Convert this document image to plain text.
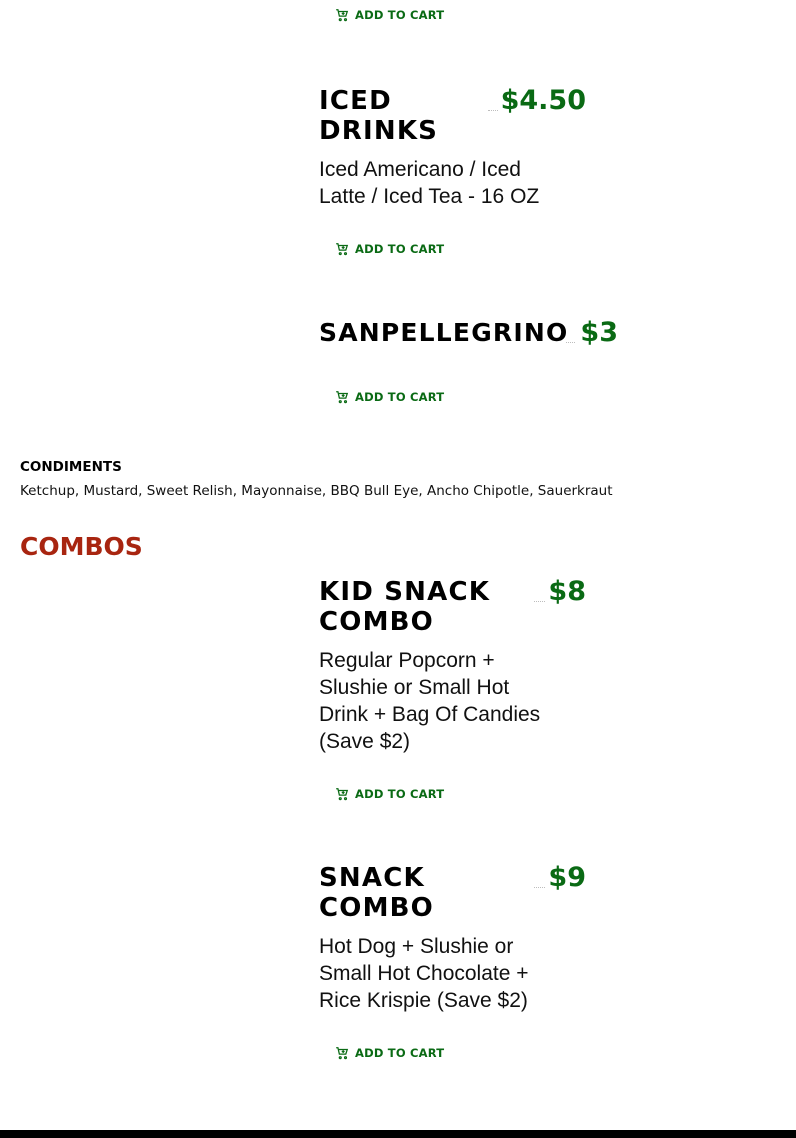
ADD TO CART
ICED
DRINKS
$4.50
Iced Americano / Iced
Latte / Iced Tea - 16 OZ
ADD TO CART
SANPELLEGRINO $3
ADD TO CART
CONDIMENTS
Ketchup, Mustard, Sweet Relish, Mayonnaise, BBQ Bull Eye, Ancho Chipotle, Sauerkraut
COMBOS
KID SNACK
COMBO
$8
Regular Popcorn +
Slushie or Small Hot
Drink + Bag Of Candies
(Save $2)
ADD TO CART
SNACK
COMBO
$9
Hot Dog + Slushie or
Small Hot Chocolate +
Rice Krispie (Save $2)
ADD TO CART
